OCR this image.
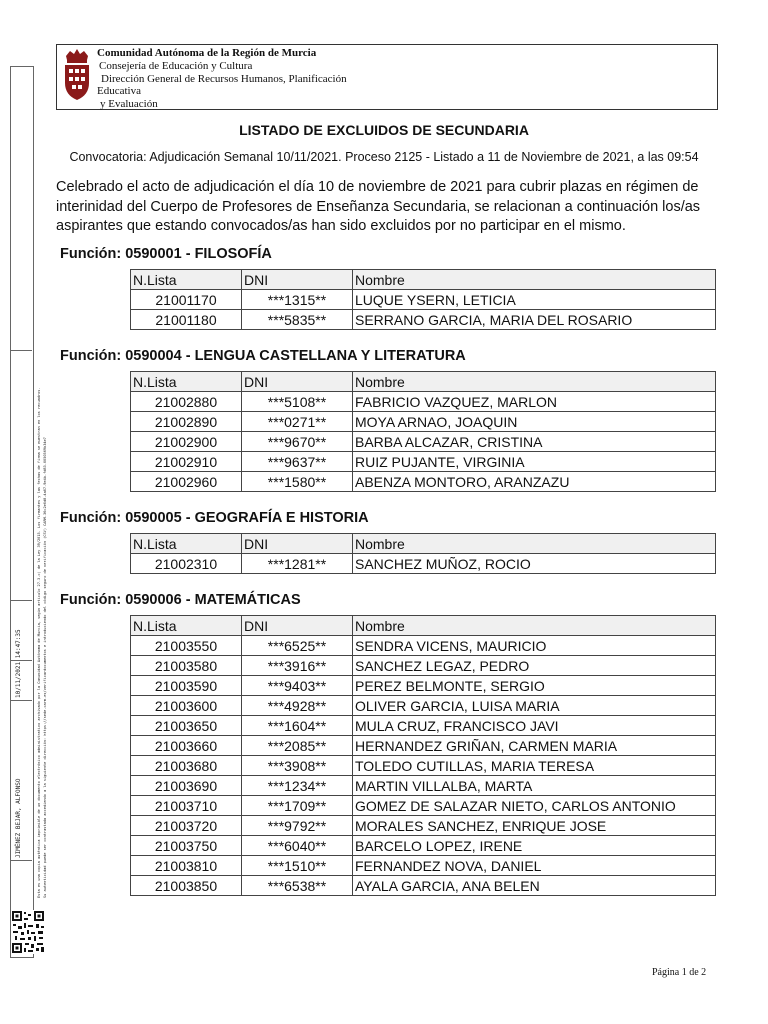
JIMÉNEZ BEJAR, ALFONSO
10/11/2021 14:47:35	Esta es una copia auténtica imprimible de un documento electrónico administrativo archivado por la Comunidad Autónoma de Murcia, según artículo 27.3.c) de la Ley 39/2015. Los firmantes y las fechas de firma se muestran en los recuadros. Su autenticidad puede ser contrastada accediendo a la siguiente dirección: https://sede.carm.es/verificardocumentos e introduciendo del código seguro de verificación (CSV) CARM-36c2e0d8-4a07-9e4b-fd83-0050569b34e7
Comunidad Autónoma de la Región de Murcia
Consejería de Educación y Cultura
Dirección General de Recursos Humanos, Planificación
Educativa
y Evaluación
LISTADO DE EXCLUIDOS DE SECUNDARIA
Convocatoria: Adjudicación Semanal 10/11/2021. Proceso 2125 - Listado a 11 de Noviembre de 2021, a las 09:54
Celebrado el acto de adjudicación el día 10 de noviembre de 2021 para cubrir plazas en régimen de interinidad del Cuerpo de Profesores de Enseñanza Secundaria, se relacionan a continuación los/as aspirantes que estando convocados/as han sido excluidos por no participar en el mismo.
Función: 0590001 - FILOSOFÍA
N.Lista	DNI	Nombre
21001170	***1315**	LUQUE YSERN, LETICIA
21001180	***5835**	SERRANO GARCIA, MARIA DEL ROSARIO
Función: 0590004 - LENGUA CASTELLANA Y LITERATURA
N.Lista	DNI	Nombre
21002880	***5108**	FABRICIO VAZQUEZ, MARLON
21002890	***0271**	MOYA ARNAO, JOAQUIN
21002900	***9670**	BARBA ALCAZAR, CRISTINA
21002910	***9637**	RUIZ PUJANTE, VIRGINIA
21002960	***1580**	ABENZA MONTORO, ARANZAZU
Función: 0590005 - GEOGRAFÍA E HISTORIA
N.Lista	DNI	Nombre
21002310	***1281**	SANCHEZ MUÑOZ, ROCIO
Función: 0590006 - MATEMÁTICAS
N.Lista	DNI	Nombre
21003550	***6525**	SENDRA VICENS, MAURICIO
21003580	***3916**	SANCHEZ LEGAZ, PEDRO
21003590	***9403**	PEREZ BELMONTE, SERGIO
21003600	***4928**	OLIVER GARCIA, LUISA MARIA
21003650	***1604**	MULA CRUZ, FRANCISCO JAVI
21003660	***2085**	HERNANDEZ GRIÑAN, CARMEN MARIA
21003680	***3908**	TOLEDO CUTILLAS, MARIA TERESA
21003690	***1234**	MARTIN VILLALBA, MARTA
21003710	***1709**	GOMEZ DE SALAZAR NIETO, CARLOS ANTONIO
21003720	***9792**	MORALES SANCHEZ, ENRIQUE JOSE
21003750	***6040**	BARCELO LOPEZ, IRENE
21003810	***1510**	FERNANDEZ NOVA, DANIEL
21003850	***6538**	AYALA GARCIA, ANA BELEN
Página 1 de 2
